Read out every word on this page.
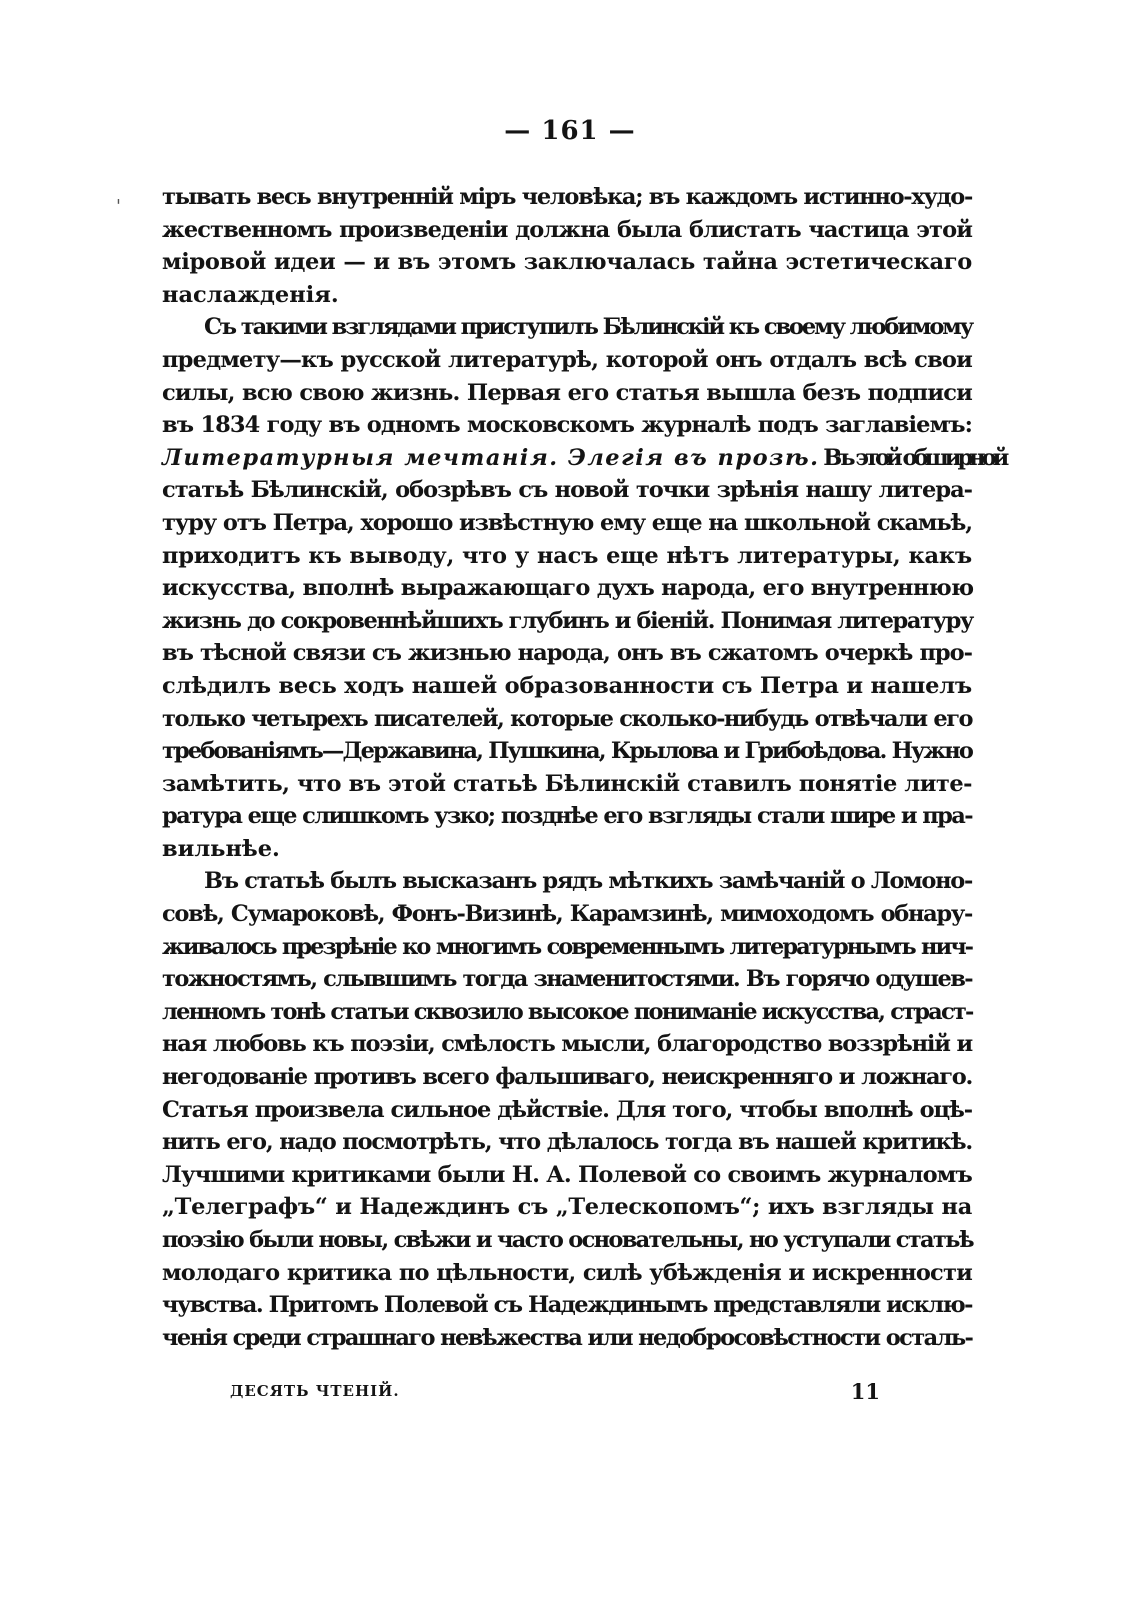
— 161 —
' тывать весь внутренній міръ человѣка; въ каждомъ истинно-худо-
жественномъ произведеніи должна была блистать частица этой
міровой идеи — и въ этомъ заключалась тайна эстетическаго
наслажденія.
Съ такими взглядами приступилъ Бѣлинскій къ своему любимому
предмету—къ русской литературѣ, которой онъ отдалъ всѣ свои
силы, всю свою жизнь. Первая его статья вышла безъ подписи
въ 1834 году въ одномъ московскомъ журналѣ подъ заглавіемъ:
Литературныя мечтанія. Элегія въ прозѣ. Въ этой обширной
статьѣ Бѣлинскій, обозрѣвъ съ новой точки зрѣнія нашу литера-
туру отъ Петра, хорошо извѣстную ему еще на школьной скамьѣ,
приходитъ къ выводу, что у насъ еще нѣтъ литературы, какъ
искусства, вполнѣ выражающаго духъ народа, его внутреннюю
жизнь до сокровеннѣйшихъ глубинъ и біеній. Понимая литературу
въ тѣсной связи съ жизнью народа, онъ въ сжатомъ очеркѣ про-
слѣдилъ весь ходъ нашей образованности съ Петра и нашелъ
только четырехъ писателей, которые сколько-нибудь отвѣчали его
требованіямъ—Державина, Пушкина, Крылова и Грибоѣдова. Нужно
замѣтить, что въ этой статьѣ Бѣлинскій ставилъ понятіе лите-
ратура еще слишкомъ узко; позднѣе его взгляды стали шире и пра-
вильнѣе.
Въ статьѣ былъ высказанъ рядъ мѣткихъ замѣчаній о Ломоно-
совѣ, Сумароковѣ, Фонъ-Визинѣ, Карамзинѣ, мимоходомъ обнару-
живалось презрѣніе ко многимъ современнымъ литературнымъ нич-
тожностямъ, слывшимъ тогда знаменитостями. Въ горячо одушев-
ленномъ тонѣ статьи сквозило высокое пониманіе искусства, страст-
ная любовь къ поэзіи, смѣлость мысли, благородство воззрѣній и
негодованіе противъ всего фальшиваго, неискренняго и ложнаго.
Статья произвела сильное дѣйствіе. Для того, чтобы вполнѣ оцѣ-
нить его, надо посмотрѣть, что дѣлалось тогда въ нашей критикѣ.
Лучшими критиками были Н. А. Полевой со своимъ журналомъ
„Телеграфъ“ и Надеждинъ съ „Телескопомъ“; ихъ взгляды на
поэзію были новы, свѣжи и часто основательны, но уступали статьѣ
молодаго критика по цѣльности, силѣ убѣжденія и искренности
чувства. Притомъ Полевой съ Надеждинымъ представляли исклю-
ченія среди страшнаго невѣжества или недобросовѣстности осталь-
ДЕСЯТЬ ЧТЕНІЙ.	11
